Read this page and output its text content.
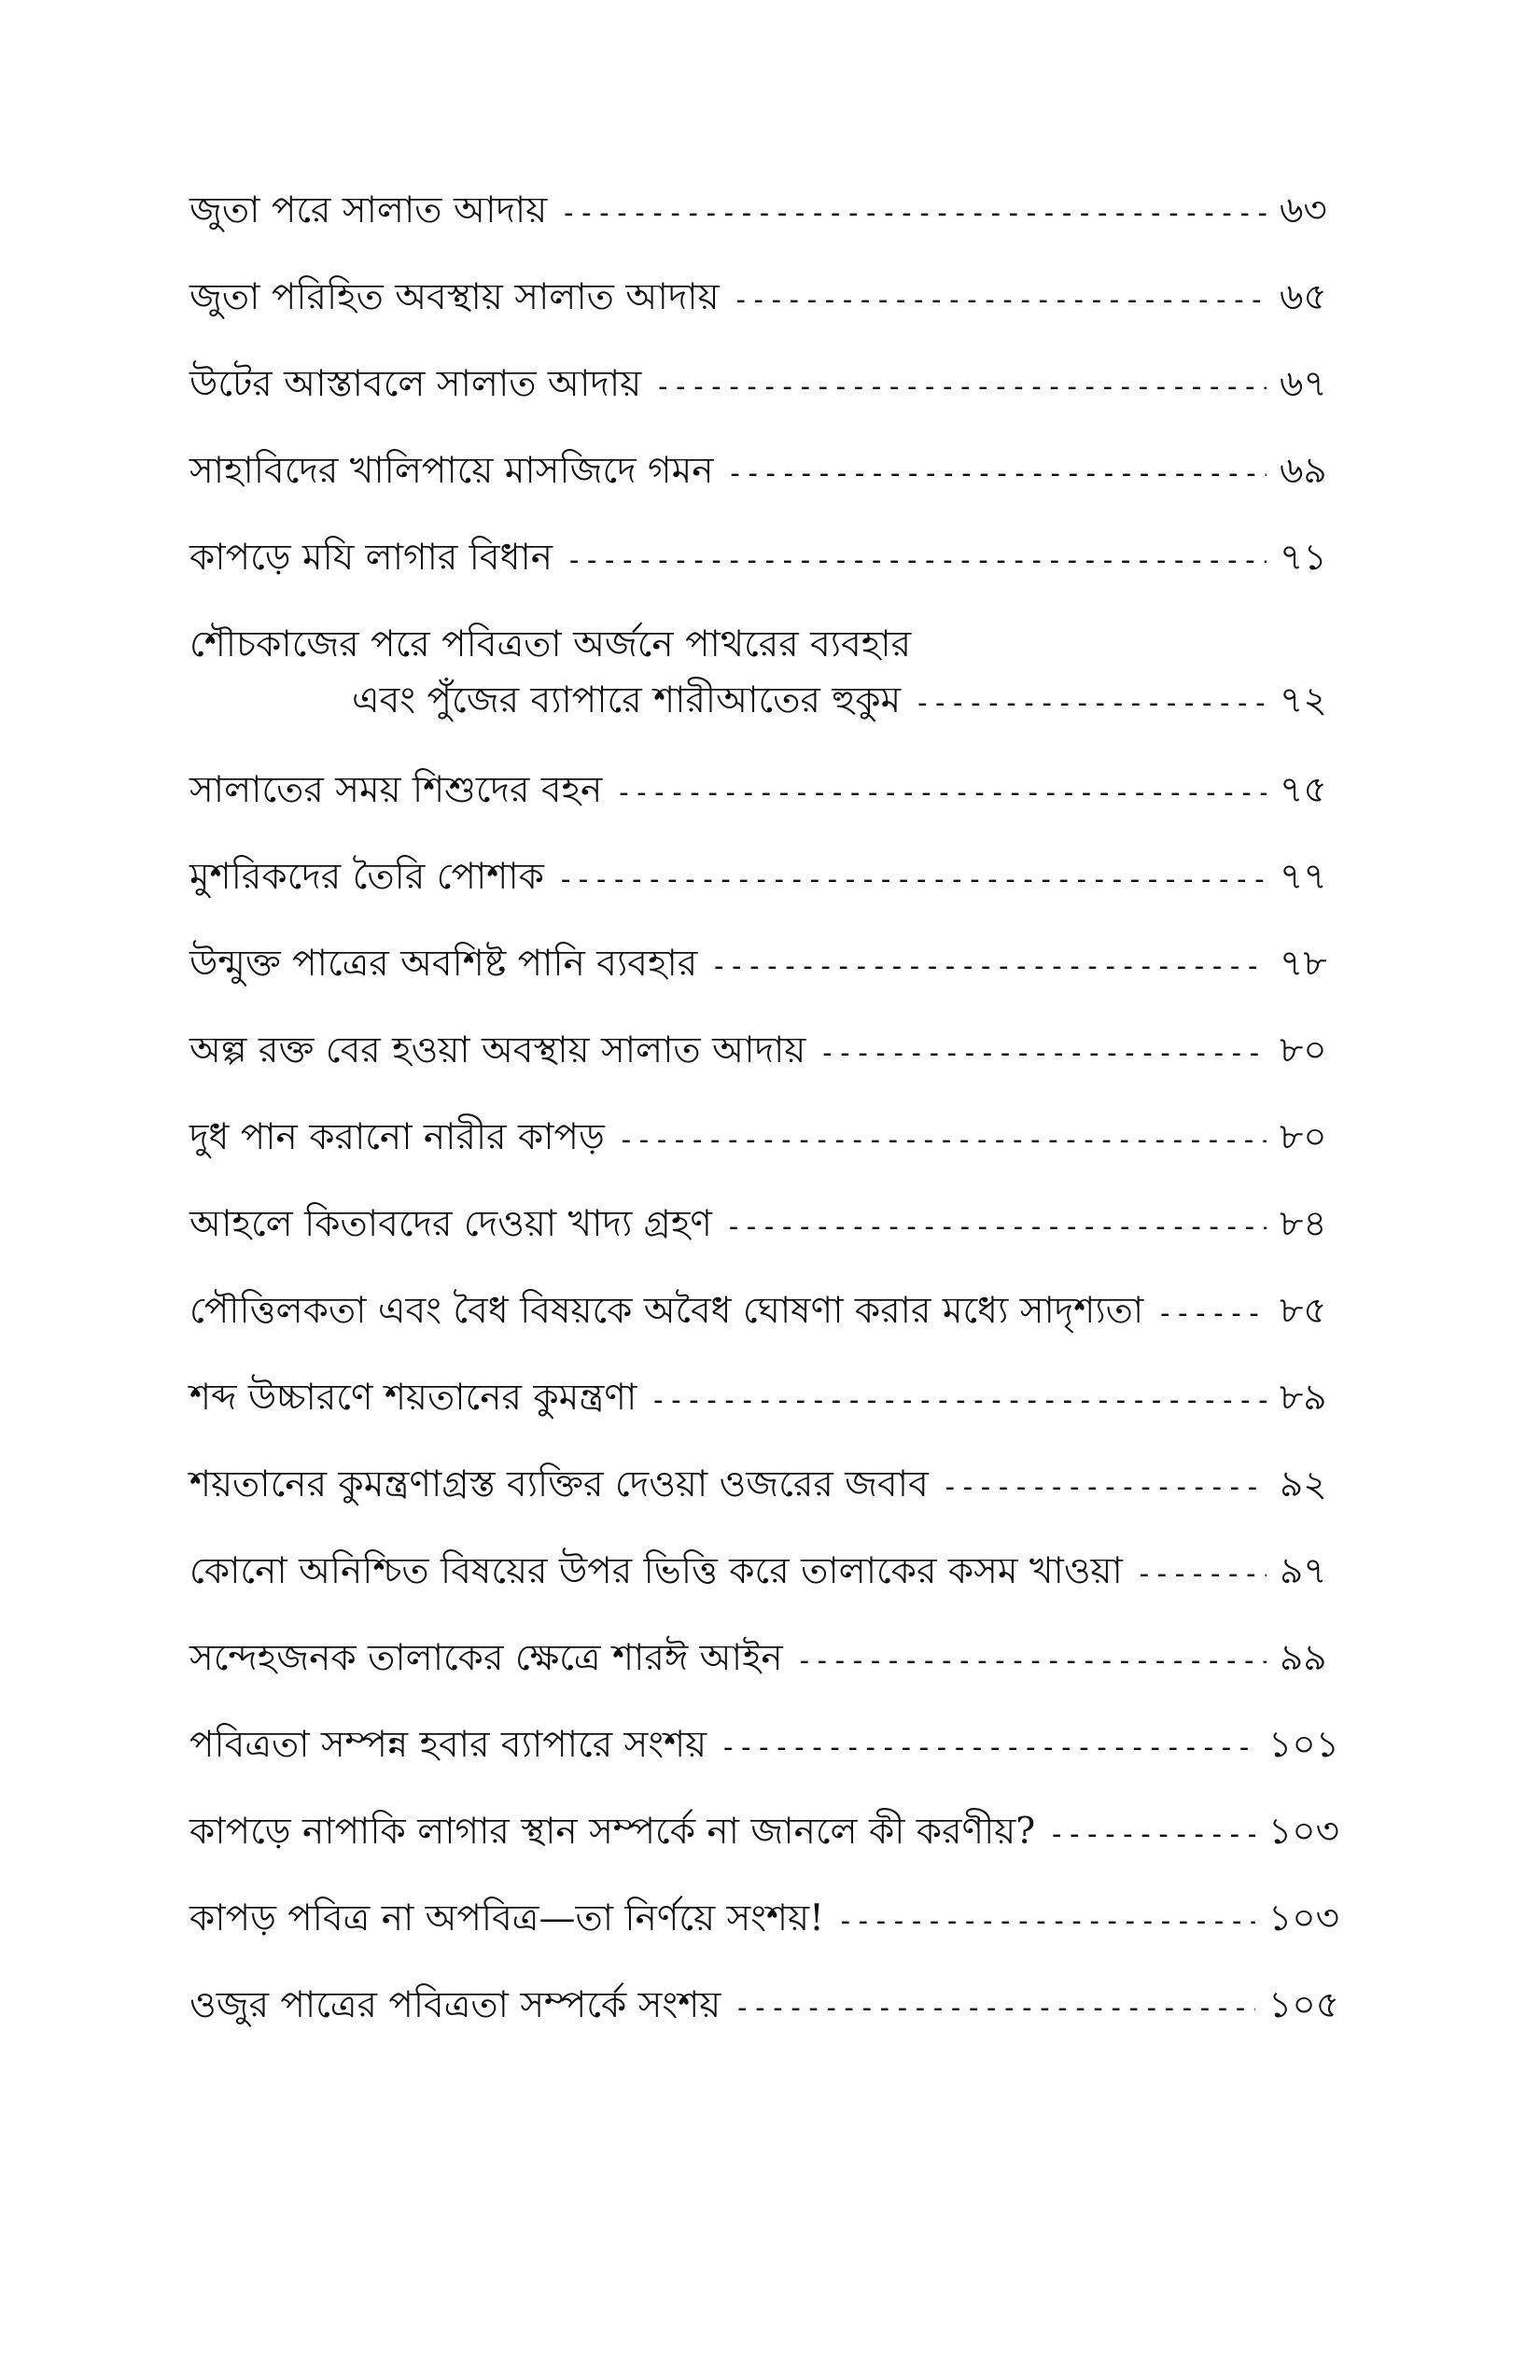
জুতা পরে সালাত আদায় -----	৬৩
জুতা পরিহিত অবস্থায় সালাত আদায় -----	৬৫
উটের আস্তাবলে সালাত আদায় -----	৬৭
সাহাবিদের খালিপায়ে মাসজিদে গমন -----	৬৯
কাপড়ে মযি লাগার বিধান -----	৭১
শৌচকাজের পরে পবিত্রতা অর্জনে পাথরের ব্যবহার
এবং পুঁজের ব্যাপারে শারীআতের হুকুম -----	৭২
সালাতের সময় শিশুদের বহন -----	৭৫
মুশরিকদের তৈরি পোশাক -----	৭৭
উন্মুক্ত পাত্রের অবশিষ্ট পানি ব্যবহার -----	৭৮
অল্প রক্ত বের হওয়া অবস্থায় সালাত আদায় -----	৮০
দুধ পান করানো নারীর কাপড় -----	৮০
আহলে কিতাবদের দেওয়া খাদ্য গ্রহণ -----	৮৪
পৌত্তিলকতা এবং বৈধ বিষয়কে অবৈধ ঘোষণা করার মধ্যে সাদৃশ্যতা -----	৮৫
শব্দ উচ্চারণে শয়তানের কুমন্ত্রণা -----	৮৯
শয়তানের কুমন্ত্রণাগ্রস্ত ব্যক্তির দেওয়া ওজরের জবাব -----	৯২
কোনো অনিশ্চিত বিষয়ের উপর ভিত্তি করে তালাকের কসম খাওয়া -----	৯৭
সন্দেহজনক তালাকের ক্ষেত্রে শারঈ আইন -----	৯৯
পবিত্রতা সম্পন্ন হবার ব্যাপারে সংশয় -----	১০১
কাপড়ে নাপাকি লাগার স্থান সম্পর্কে না জানলে কী করণীয়? -----	১০৩
কাপড় পবিত্র না অপবিত্র—তা নির্ণয়ে সংশয়! -----	১০৩
ওজুর পাত্রের পবিত্রতা সম্পর্কে সংশয় -----	১০৫
